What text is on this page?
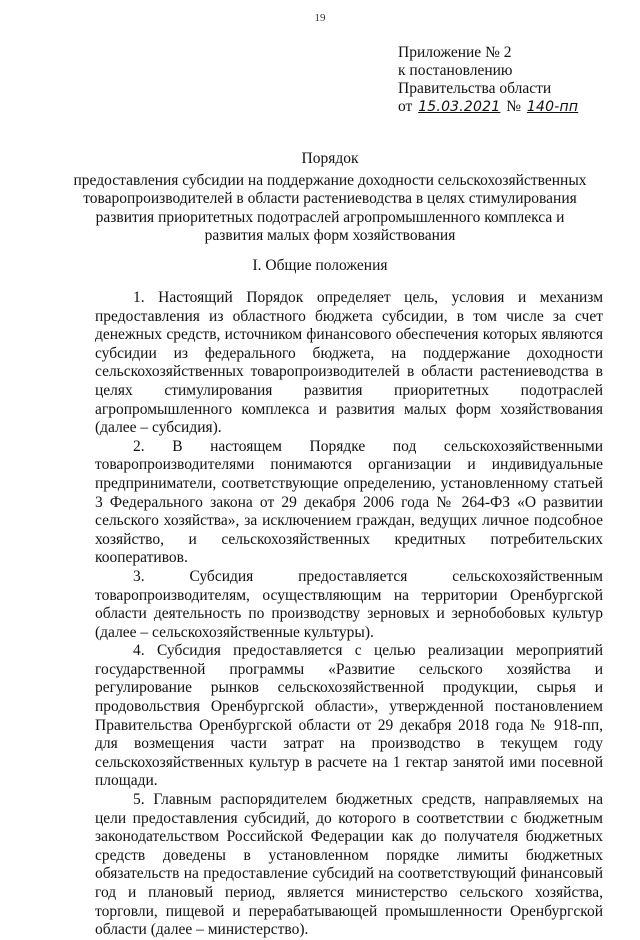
19
Приложение № 2
к постановлению
Правительства области
от 15.03.2021 № 140-пп
Порядок
предоставления субсидии на поддержание доходности сельскохозяйственных
товаропроизводителей в области растениеводства в целях стимулирования
развития приоритетных подотраслей агропромышленного комплекса и
развития малых форм хозяйствования
I. Общие положения

1. Настоящий Порядок определяет цель, условия и механизм предоставления из областного бюджета субсидии, в том числе за счет денежных средств, источником финансового обеспечения которых являются субсидии из федерального бюджета, на поддержание доходности сельскохозяйственных товаропроизводителей в области растениеводства в целях стимулирования развития приоритетных подотраслей агропромышленного комплекса и развития малых форм хозяйствования (далее – субсидия).

2. В настоящем Порядке под сельскохозяйственными товаропроизводителями понимаются организации и индивидуальные предприниматели, соответствующие определению, установленному статьей 3 Федерального закона от 29 декабря 2006 года № 264-ФЗ «О развитии сельского хозяйства», за исключением граждан, ведущих личное подсобное хозяйство, и сельскохозяйственных кредитных потребительских кооперативов.

3. Субсидия предоставляется сельскохозяйственным товаропроизводителям, осуществляющим на территории Оренбургской области деятельность по производству зерновых и зернобобовых культур (далее – сельскохозяйственные культуры).

4. Субсидия предоставляется с целью реализации мероприятий государственной программы «Развитие сельского хозяйства и регулирование рынков сельскохозяйственной продукции, сырья и продовольствия Оренбургской области», утвержденной постановлением Правительства Оренбургской области от 29 декабря 2018 года № 918-пп, для возмещения части затрат на производство в текущем году сельскохозяйственных культур в расчете на 1 гектар занятой ими посевной площади.

5. Главным распорядителем бюджетных средств, направляемых на цели предоставления субсидий, до которого в соответствии с бюджетным законодательством Российской Федерации как до получателя бюджетных средств доведены в установленном порядке лимиты бюджетных обязательств на предоставление субсидий на соответствующий финансовый год и плановый период, является министерство сельского хозяйства, торговли, пищевой и перерабатывающей промышленности Оренбургской области (далее – министерство).
